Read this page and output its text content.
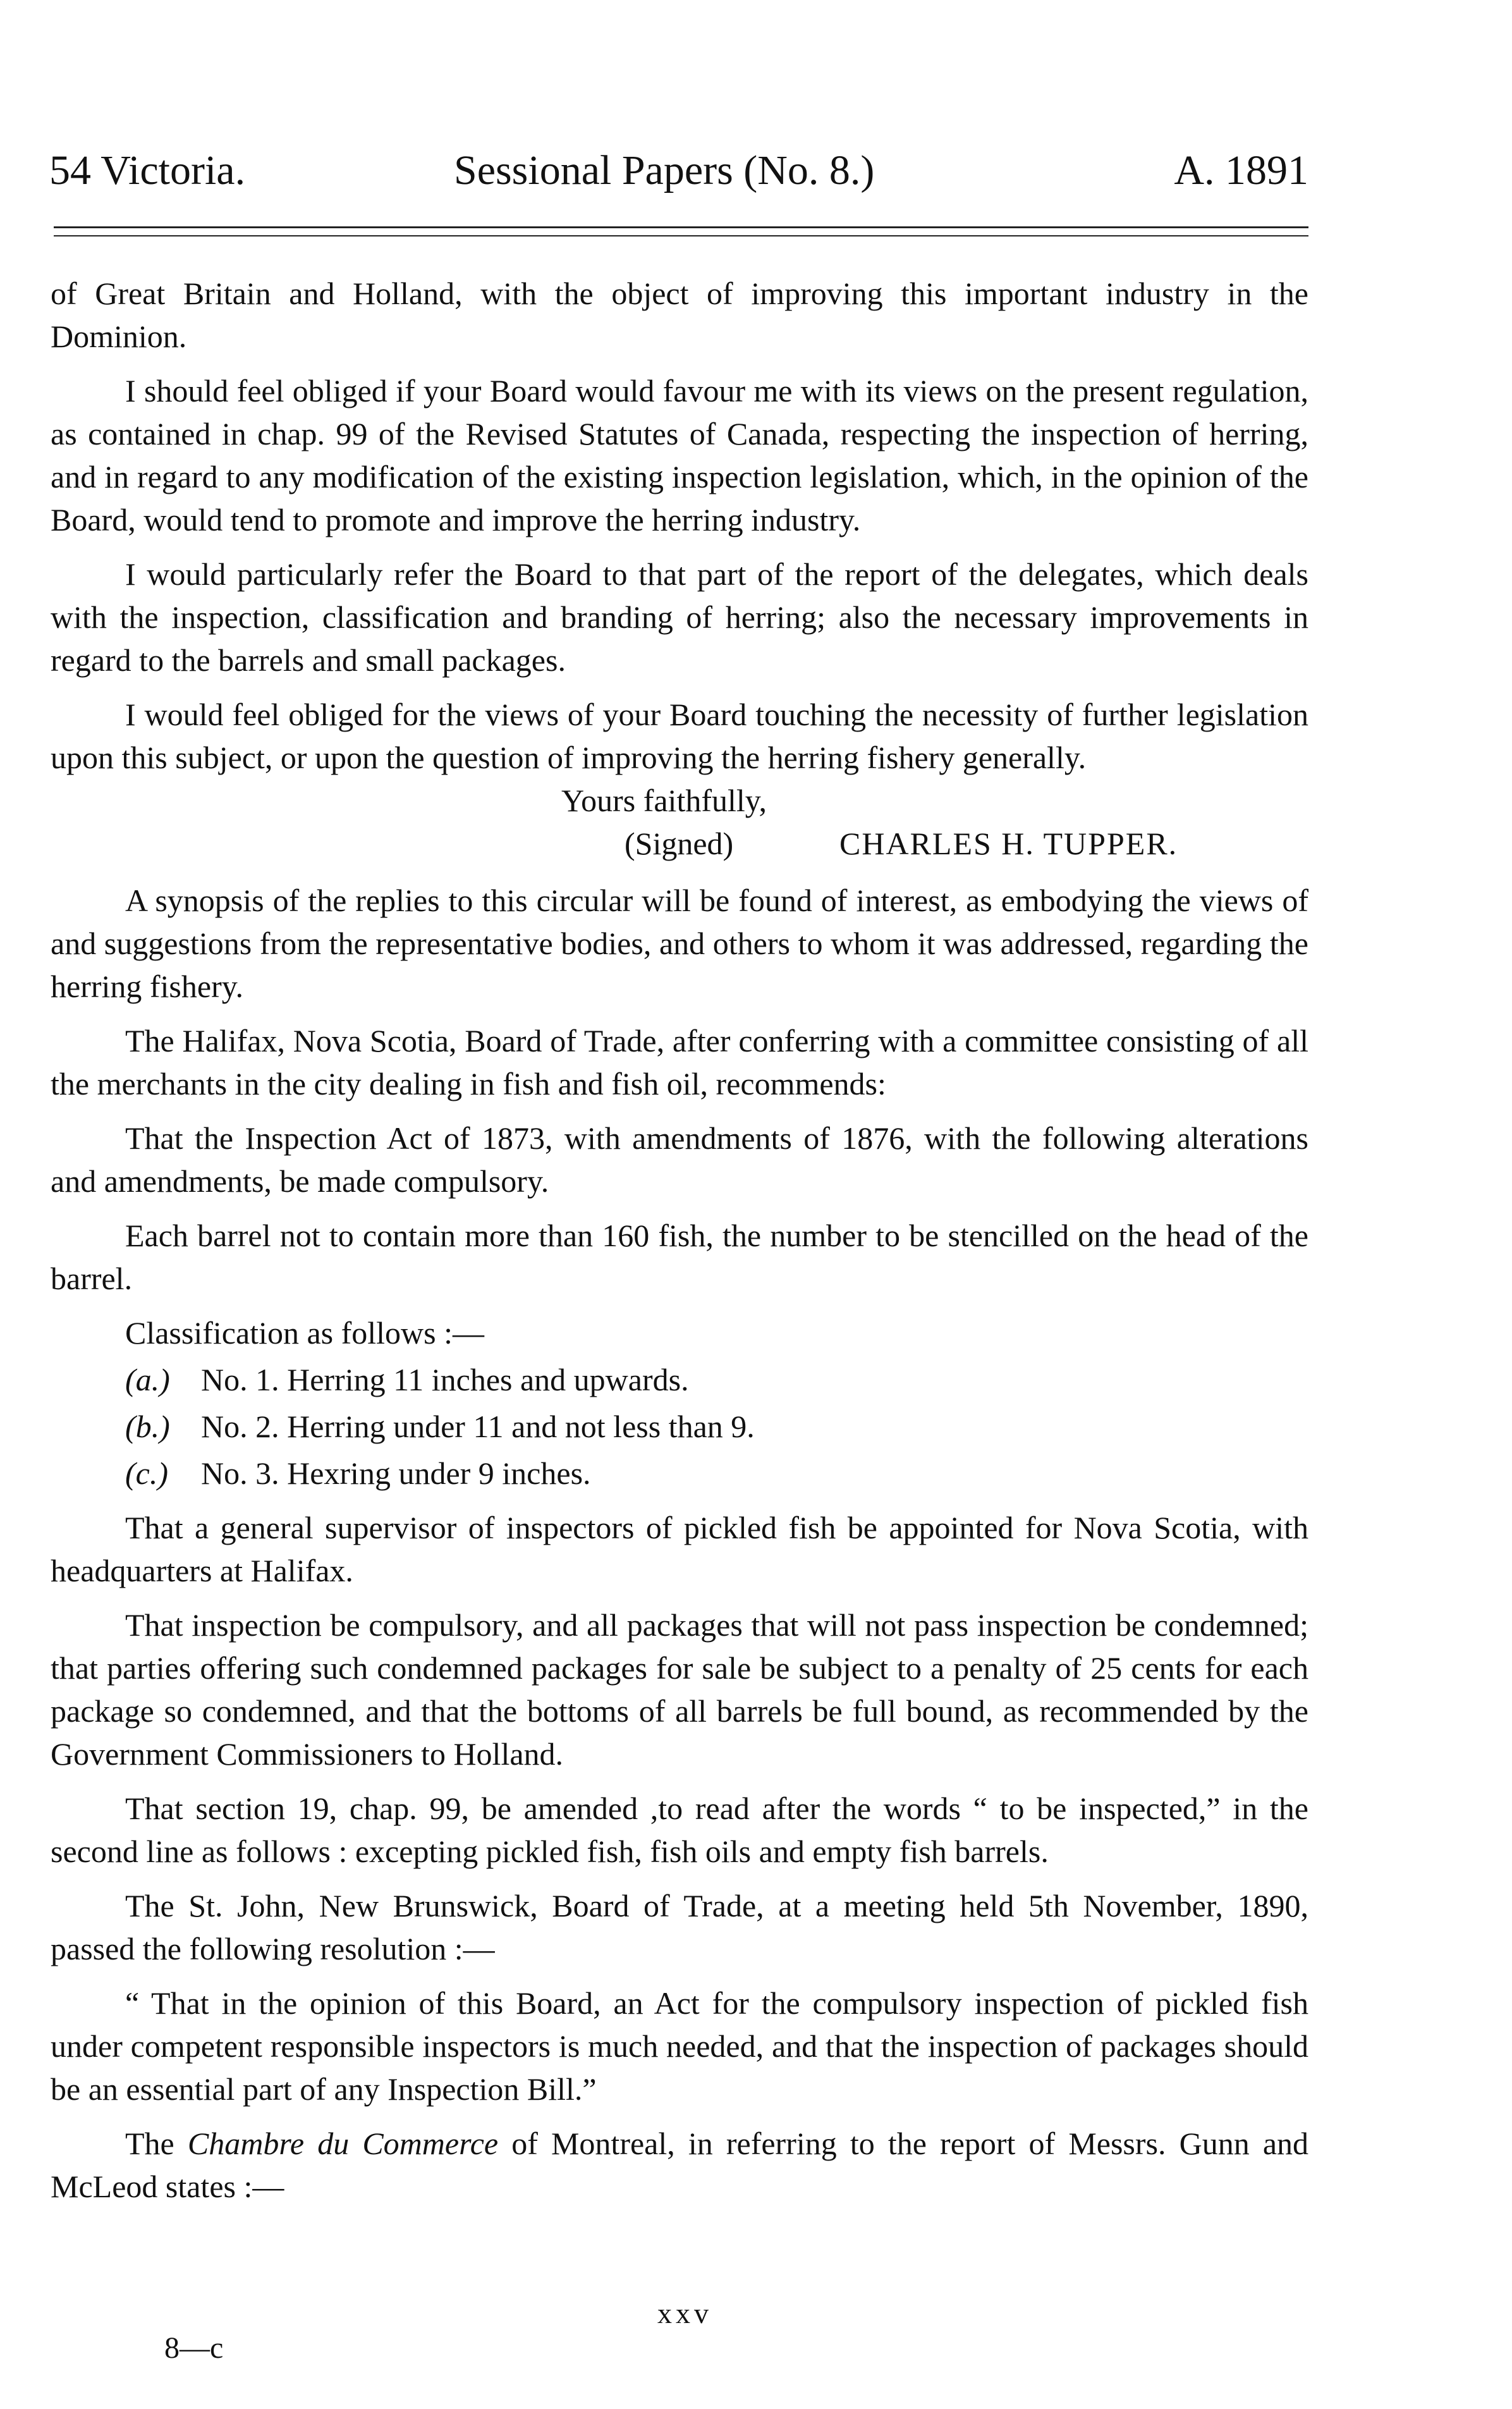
54 Victoria.	Sessional Papers (No. 8.)	A. 1891

of Great Britain and Holland, with the object of improving this important industry in the Dominion.

I should feel obliged if your Board would favour me with its views on the present regulation, as contained in chap. 99 of the Revised Statutes of Canada, respecting the inspection of herring, and in regard to any modification of the existing inspection legislation, which, in the opinion of the Board, would tend to promote and improve the herring industry.

I would particularly refer the Board to that part of the report of the delegates, which deals with the inspection, classification and branding of herring; also the necessary improvements in regard to the barrels and small packages.

I would feel obliged for the views of your Board touching the necessity of further legislation upon this subject, or upon the question of improving the herring fishery generally.

Yours faithfully,

(Signed)	CHARLES H. TUPPER.

A synopsis of the replies to this circular will be found of interest, as embodying the views of and suggestions from the representative bodies, and others to whom it was addressed, regarding the herring fishery.

The Halifax, Nova Scotia, Board of Trade, after conferring with a committee consisting of all the merchants in the city dealing in fish and fish oil, recommends:

That the Inspection Act of 1873, with amendments of 1876, with the following alterations and amendments, be made compulsory.

Each barrel not to contain more than 160 fish, the number to be stencilled on the head of the barrel.

Classification as follows :—

(a.) No. 1. Herring 11 inches and upwards.
(b.) No. 2. Herring under 11 and not less than 9.
(c.) No. 3. Hexring under 9 inches.

That a general supervisor of inspectors of pickled fish be appointed for Nova Scotia, with headquarters at Halifax.

That inspection be compulsory, and all packages that will not pass inspection be condemned; that parties offering such condemned packages for sale be subject to a penalty of 25 cents for each package so condemned, and that the bottoms of all barrels be full bound, as recommended by the Government Commissioners to Holland.

That section 19, chap. 99, be amended ,to read after the words “ to be inspected,” in the second line as follows : excepting pickled fish, fish oils and empty fish barrels.

The St. John, New Brunswick, Board of Trade, at a meeting held 5th November, 1890, passed the following resolution :—

“ That in the opinion of this Board, an Act for the compulsory inspection of pickled fish under competent responsible inspectors is much needed, and that the inspection of packages should be an essential part of any Inspection Bill.”

The Chambre du Commerce of Montreal, in referring to the report of Messrs. Gunn and McLeod states :—

xxv
8—c
